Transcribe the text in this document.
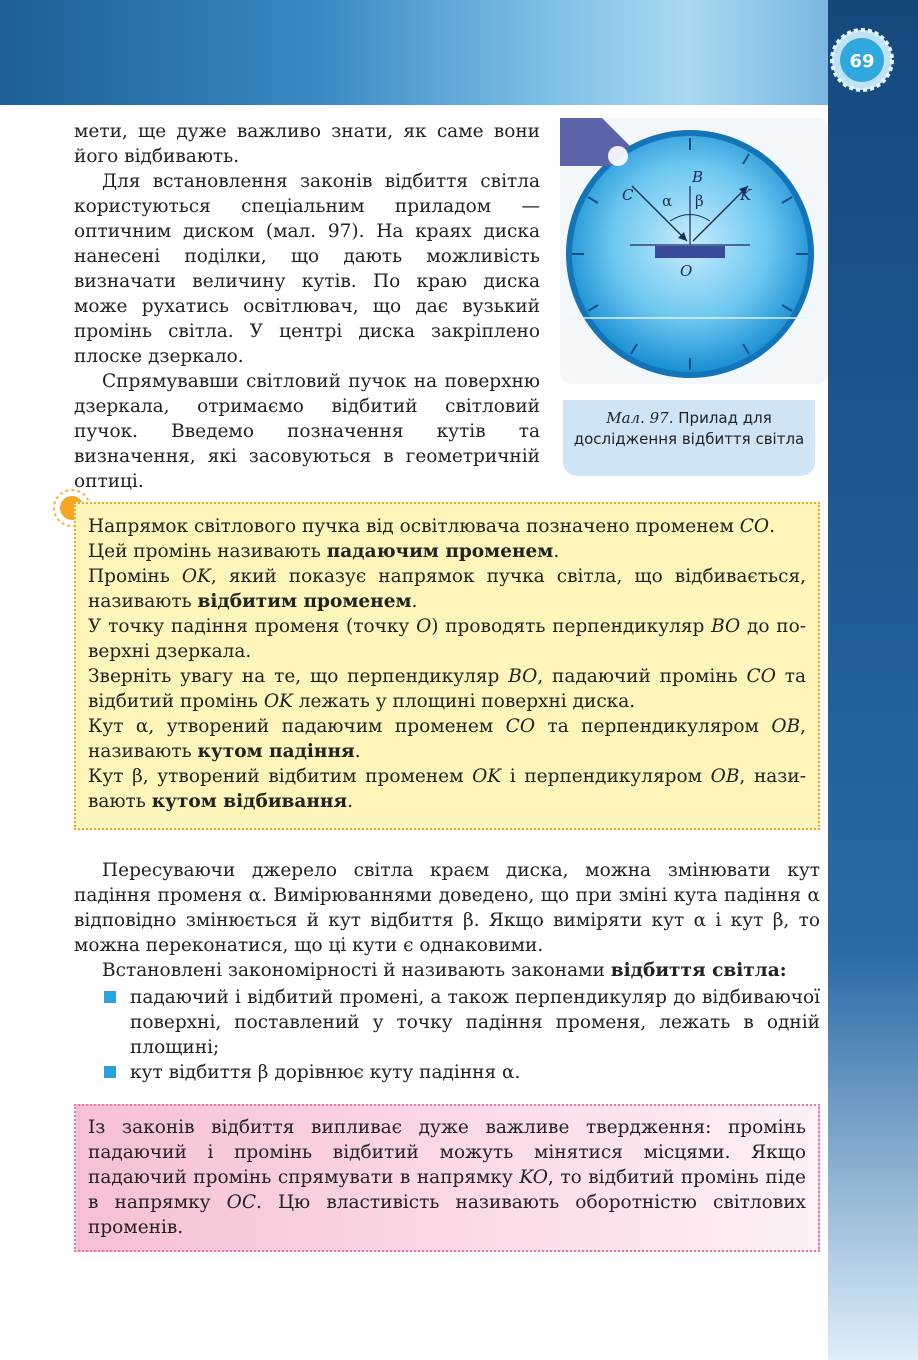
69

мети, ще дуже важливо знати, як саме вони його відбивають.

Для встановлення законів відбиття світла користуються спеціальним приладом — оптичним диском (мал. 97). На краях диска нанесені поділки, що дають можливість визначати величину кутів. По краю диска може рухатись освітлювач, що дає вузький промінь світла. У центрі диска закріплено плоске дзеркало.

Спрямувавши світловий пучок на поверхню дзеркала, отримаємо відбитий світловий пучок. Введемо позначення кутів та визначення, які засовуються в геометричній оптиці.

C
B
K
O
α β
Мал. 97. Прилад для дослідження відбиття світла

Напрямок світлового пучка від освітлювача позначено променем CO.

Цей промінь називають падаючим променем.

Промінь OK, який показує напрямок пучка світла, що відбивається,

називають відбитим променем.

У точку падіння променя (точку O) проводять перпендикуляр BO до по-

верхні дзеркала.

Зверніть увагу на те, що перпендикуляр BO, падаючий промінь CO та

відбитий промінь OK лежать у площині поверхні диска.

Кут α, утворений падаючим променем CO та перпендикуляром OB,

називають кутом падіння.

Кут β, утворений відбитим променем OK і перпендикуляром OB, нази-

вають кутом відбивання.

Пересуваючи джерело світла краєм диска, можна змінювати кут падіння променя α. Вимірюваннями доведено, що при зміні кута падіння α відповідно змінюється й кут відбиття β. Якщо виміряти кут α і кут β, то можна переконатися, що ці кути є однаковими.

Встановлені закономірності й називають законами відбиття світла:

падаючий і відбитий промені, а також перпендикуляр до відбиваючої поверхні, поставлений у точку падіння променя, лежать в одній площині;
кут відбиття β дорівнює куту падіння α.

Із законів відбиття випливає дуже важливе твердження: промінь падаючий і промінь відбитий можуть мінятися місцями. Якщо падаючий промінь спрямувати в напрямку KO, то відбитий промінь піде в напрямку OC. Цю властивість називають оборотністю світлових променів.
